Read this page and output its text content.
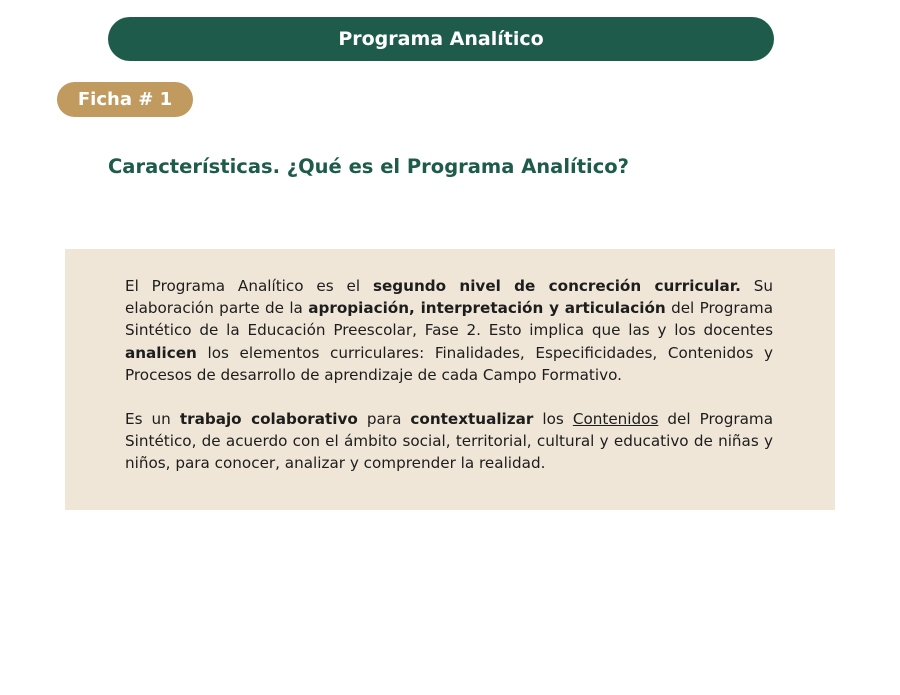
Programa Analítico
Ficha # 1
Características. ¿Qué es el Programa Analítico?

El Programa Analítico es el segundo nivel de concreción curricular. Su elaboración parte de la apropiación, interpretación y articulación del Programa Sintético de la Educación Preescolar, Fase 2. Esto implica que las y los docentes analicen los elementos curriculares: Finalidades, Especificidades, Contenidos y Procesos de desarrollo de aprendizaje de cada Campo Formativo.

Es un trabajo colaborativo para contextualizar los Contenidos del Programa Sintético, de acuerdo con el ámbito social, territorial, cultural y educativo de niñas y niños, para conocer, analizar y comprender la realidad.
